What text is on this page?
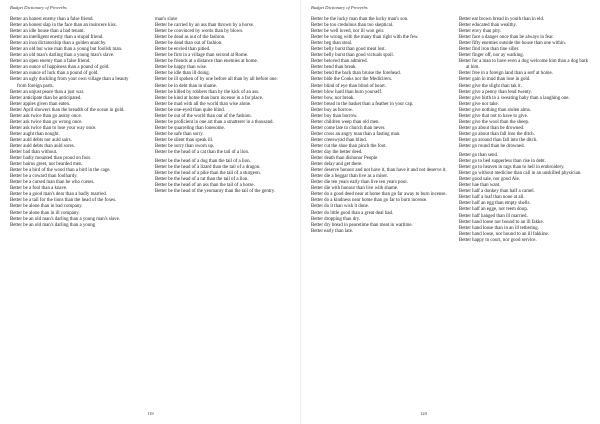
Budget Dictionary of Proverbs
Better an honest enemy than a false friend.
Better an honest slap in the face than an insincere kiss.
Better an idle house than a bad tenant.
Better an intelligent enemy than a stupid friend.
Better an iron dictatorship than a golden anarchy.
Better an old but wise man than a young but foolish man.
Better an old man's darling than a young man's slave.
Better an open enemy than a false friend.
Better an ounce of happiness than a pound of gold.
Better an ounce of luck than a pound of gold.
Better an ugly duckling from your own village than a beauty from foreign parts.
Better an unjust peace than a just war.
Better anticipate than be anticipated.
Better apples given than eaten.
Better April showers than the breadth of the ocean in gold.
Better ask twice than go astray once.
Better ask twice than go wrong once.
Better ask twice than to lose your way once.
Better aught than nought.
Better auld debts nor auld sairs.
Better auld debts than auld sores.
Better bad than without.
Better badly mounted than proud on foot.
Better bairns greet, nor bearded men.
Better be a bird of the wood than a bird in the cage.
Better be a coward than foolhardy.
Better be a cursed man than he who curses.
Better be a fool than a knave.
Better be a good man's dear than a badly married.
Better be a tail for the lions than the head of the foxes.
Better be alone than in bad company.
Better be alone than in ill company.
Better be an old man's darling than a young man's slave.
Better be an old man's darling than a young
man's slave
Better be carried by an ass than thrown by a horse.
Better be convinced by words than by blows.
Better be dead as out of the fashion.
Better be dead than out of fashion.
Better be envied than pitied.
Better be first in a village than second at Rome.
Better be friends at a distance than enemies at home.
Better be happy than wise.
Better be idle than ill doing.
Better be ill spoken of by one before all than by all before one.
Better be in debt than in shame.
Better be killed by robbers than by the kick of an ass.
Better be kind at home than burn incense in a far place.
Better be mad with all the world than wise alone.
Better be one-eyed than quite blind.
Better be out of the world than out of the fashion.
Better be proficient in one art than a smatterer in a thousand.
Better be quarreling than lonesome.
Better be safe than sorry.
Better be silent than speak ill.
Better be sorry than sworn up.
Better be the head of a cat than the tail of a lion.
Better be the head of a dog than the tail of a lion.
Better be the head of a lizard than the tail of a dragon.
Better be the head of a pike than the tail of a sturgeon.
Better be the head of a rat than the tail of a lion.
Better be the head of an ass than the tail of a horse.
Better be the head of the yeomanry than the tail of the gentry.
119
Budget Dictionary of Proverbs
Better be the lucky man than the lucky man's son.
Better be too credulous than too skeptical.
Better be well loved, nor ill won geir.
Better be wrong with the many than right with the few.
Better beg than steal.
Better belly burst than good meat lost.
Better belly burst than good victuals spoil.
Better beloved than admired.
Better bend than break.
Better bend the back than bruise the forehead.
Better bide the Cooks nor the Medicirers.
Better blind of eye than blind of heart.
Better blow hard than burn yourself.
Better bow, nor break.
Better bread in the basket than a feather in your cap.
Better buy as borrow.
Better buy than borrow.
Better children weep than old men.
Better come late to church than never.
Better cross an angry man than a fasting man.
Better creeswyad than blind.
Better cut the shoe than pinch the foot.
Better day the better deed.
Better death than dishonor People
Better delay and get there.
Better deserve honour and not have it, than have it and not deserve it.
Better die a beggar than live as a miser.
Better die ten years early than live ten years poor.
Better die with honour than live with shame.
Better do a good deed near at home than go far away to burn incense.
Better do a kindness near home than go far to burn incense.
Better do it than wish it done.
Better do little good than a great deal bad.
Better dropping than dry.
Better dry bread in peacetime than meat in wartime.
Better early than late.
Better eat brown bread in youth than in eld.
Better educated than wealthy.
Better envy than pity.
Better face a danger once than be always in fear.
Better fifty enemies outside the house than one within.
Better find iron than tine siller.
Better finger off, nor ay warking.
Better for a man to have even a dog welcome him than a dog bark at him.
Better free in a foreign land than a serf at home.
Better gain in mud than lose in gold.
Better give the slight than tak it.
Better give a penny than lend twenty.
Better give birth to a sweating baby than a laughing one.
Better give nor take.
Better give nothing than stolen alms.
Better give that not to have to give.
Better give the wool than the sheep.
Better go about than be drowned.
Better go about than fall into the ditch.
Better go around than fall into the ditch.
Better go round than be drowned.
Better go than send.
Better go to bed supperless than rise in debt.
Better go to heaven in rags than to hell in embroidery.
Better go without medicine than call in an unskilled physician.
Better good sale, nor good Ale.
Better hae than want.
Better half a donkey than half a camel.
Better half a loaf than none at all.
Better half an egg than empty shells.
Better half an egge, nor teem doup.
Better half hanged than ill married.
Better hand loose nor bound to an ill fakke.
Better hand loose than in an ill tethering.
Better hand loose, nor bound to an ill fakkine.
Better happy to court, nor good service.
120
